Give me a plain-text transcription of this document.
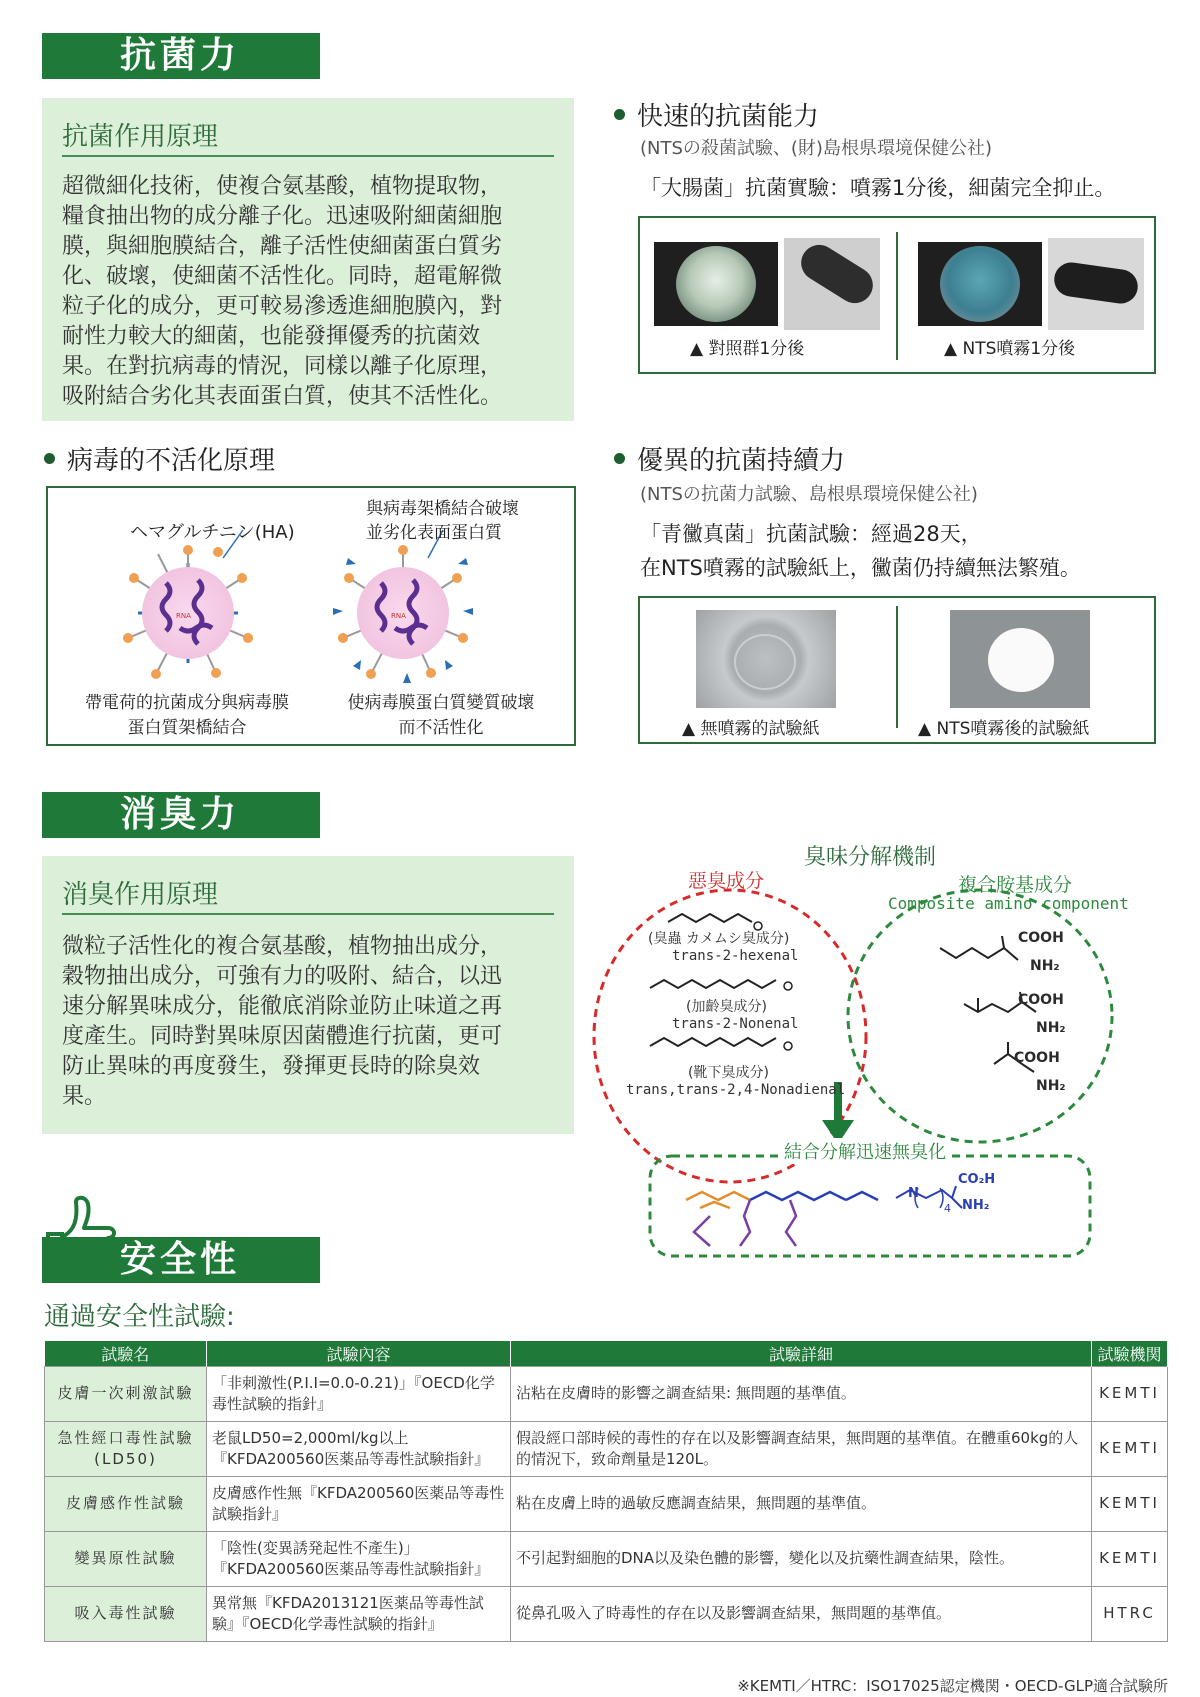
抗菌力
抗菌作用原理
超微細化技術，使複合氨基酸，植物提取物，
糧食抽出物的成分離子化。迅速吸附細菌細胞
膜，與細胞膜結合，離子活性使細菌蛋白質劣
化、破壞，使細菌不活性化。同時，超電解微
粒子化的成分，更可較易滲透進細胞膜內，對
耐性力較大的細菌，也能發揮優秀的抗菌效
果。在對抗病毒的情況，同樣以離子化原理，
吸附結合劣化其表面蛋白質，使其不活性化。
病毒的不活化原理
RNA	RNA
ヘマグルチニン(HA)
與病毒架橋結合破壞
並劣化表面蛋白質
帶電荷的抗菌成分與病毒膜
蛋白質架橋結合
使病毒膜蛋白質變質破壞
而不活性化
快速的抗菌能力
(NTSの殺菌試驗、(財)島根県環境保健公社)
「大腸菌」抗菌實驗：噴霧1分後，細菌完全抑止。
▲ 對照群1分後	▲ NTS噴霧1分後
優異的抗菌持續力
(NTSの抗菌力試驗、島根県環境保健公社)
「青黴真菌」抗菌試驗：經過28天，
在NTS噴霧的試驗紙上，黴菌仍持續無法繁殖。
▲ 無噴霧的試驗紙	▲ NTS噴霧後的試驗紙
消臭力
消臭作用原理
微粒子活性化的複合氨基酸，植物抽出成分，
穀物抽出成分，可強有力的吸附、結合，以迅
速分解異味成分，能徹底消除並防止味道之再
度產生。同時對異味原因菌體進行抗菌，更可
防止異味的再度發生，發揮更長時的除臭效
果。
臭味分解機制
惡臭成分	複合胺基成分
Composite amino component
(臭蟲 カメムシ臭成分)
trans-2-hexenal
(加齡臭成分)
trans-2-Nonenal
(靴下臭成分)
trans,trans-2,4-Nonadienal
COOH
NH₂
COOH
NH₂
COOH
NH₂
結合分解迅速無臭化
N
4
CO₂H
NH₂
安全性
通過安全性試驗:
試驗名	試驗內容	試驗詳細	試驗機関
皮膚一次刺激試驗	「非刺激性(P.Ⅰ.Ⅰ=0.0-0.21)」『OECD化学毒性試験的指針』	沾粘在皮膚時的影響之調查結果: 無問題的基準值。	KEMTI
急性經口毒性試驗(LD50)	老鼠LD50=2,000ml/kg以上『KFDA200560医薬品等毒性試験指針』	假設經口部時候的毒性的存在以及影響調查結果，無問題的基準值。在體重60kg的人的情況下，致命劑量是120L。	KEMTI
皮膚感作性試驗	皮膚感作性無『KFDA200560医薬品等毒性試験指針』	粘在皮膚上時的過敏反應調查結果，無問題的基準值。	KEMTI
變異原性試驗	「陰性(変異誘発起性不產生)」『KFDA200560医薬品等毒性試験指針』	不引起對細胞的DNA以及染色體的影響，變化以及抗藥性調查結果，陰性。	KEMTI
吸入毒性試驗	異常無『KFDA2013121医薬品等毒性試験』『OECD化学毒性試験的指針』	從鼻孔吸入了時毒性的存在以及影響調查結果，無問題的基準值。	HTRC
※KEMTI／HTRC：ISO17025認定機関・OECD-GLP適合試験所
